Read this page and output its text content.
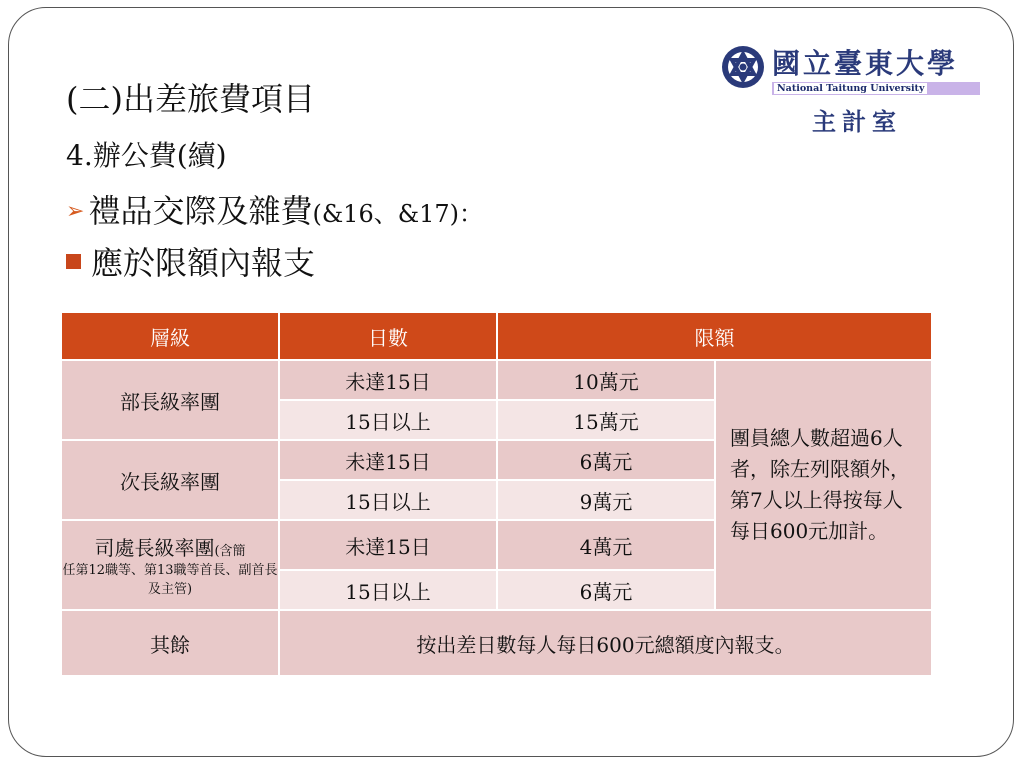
國立臺東大學
National Taitung University
主計室
(二)出差旅費項目
4.辦公費(續)
➢ 禮品交際及雜費(&16、&17)：
應於限額內報支
層級	日數	限額	
部長級率團	未達15日	10萬元	團員總人數超過6人者，除左列限額外，第7人以上得按每人每日600元加計。
	15日以上	15萬元	
次長級率團	未達15日	6萬元	
	15日以上	9萬元	

司處長級率團(含簡
任第12職等、第13職等首長、副首長及主管)	未達15日	4萬元	
	15日以上	6萬元	
其餘	按出差日數每人每日600元總額度內報支。		
